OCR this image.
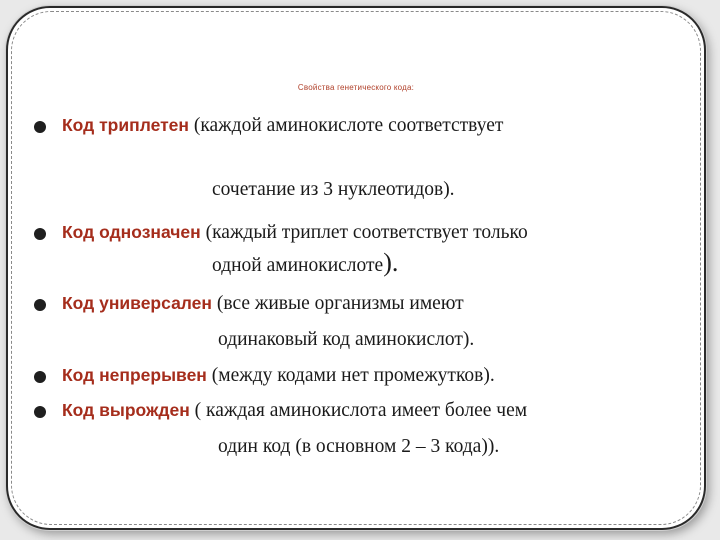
Свойства генетического кода:
Код триплетен (каждой аминокислоте соответствует
сочетание из 3 нуклеотидов).
Код однозначен (каждый триплет соответствует только
одной аминокислоте).
Код универсален (все живые организмы имеют
одинаковый код аминокислот).
Код непрерывен (между кодами нет промежутков).
Код вырожден ( каждая аминокислота имеет более чем
один код (в основном 2 – 3 кода)).
